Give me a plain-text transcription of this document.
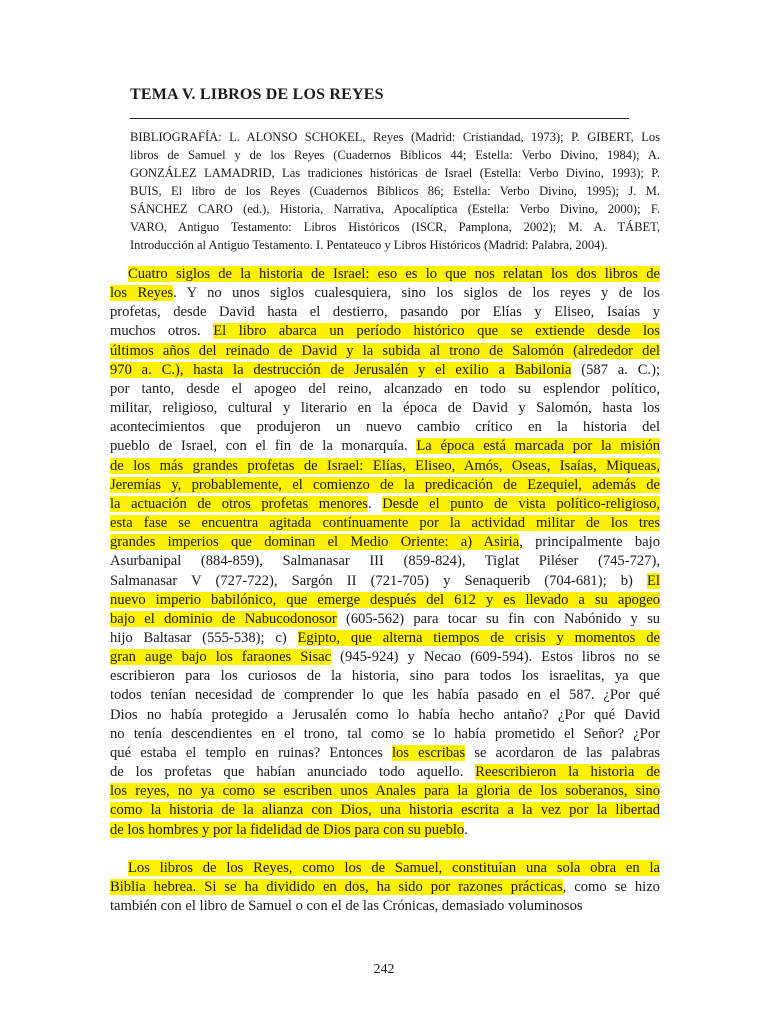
TEMA V. LIBROS DE LOS REYES
BIBLIOGRAFÍA: L. ALONSO SCHOKEL, Reyes (Madrid: Cristiandad, 1973); P. GIBERT, Los
libros de Samuel y de los Reyes (Cuadernos Bíblicos 44; Estella: Verbo Divino, 1984); A.
GONZÁLEZ LAMADRID, Las tradiciones históricas de Israel (Estella: Verbo Divino, 1993); P.
BUIS, El libro de los Reyes (Cuadernos Bíblicos 86; Estella: Verbo Divino, 1995); J. M.
SÁNCHEZ CARO (ed.), Historia, Narrativa, Apocalíptica (Estella: Verbo Divino, 2000); F.
VARO, Antiguo Testamento: Libros Históricos (ISCR, Pamplona, 2002); M. A. TÁBET,
Introducción al Antiguo Testamento. I. Pentateuco y Libros Históricos (Madrid: Palabra, 2004).
Cuatro siglos de la historia de Israel: eso es lo que nos relatan los dos libros de
los Reyes. Y no unos siglos cualesquiera, sino los siglos de los reyes y de los
profetas, desde David hasta el destierro, pasando por Elías y Eliseo, Isaías y
muchos otros. El libro abarca un período histórico que se extiende desde los
últimos años del reinado de David y la subida al trono de Salomón (alrededor del
970 a. C.), hasta la destrucción de Jerusalén y el exilio a Babilonia (587 a. C.);
por tanto, desde el apogeo del reino, alcanzado en todo su esplendor político,
militar, religioso, cultural y literario en la época de David y Salomón, hasta los
acontecimientos que produjeron un nuevo cambio crítico en la historia del
pueblo de Israel, con el fin de la monarquía. La época está marcada por la misión
de los más grandes profetas de Israel: Elías, Eliseo, Amós, Oseas, Isaías, Miqueas,
Jeremías y, probablemente, el comienzo de la predicación de Ezequiel, además de
la actuación de otros profetas menores. Desde el punto de vista político-religioso,
esta fase se encuentra agitada contínuamente por la actividad militar de los tres
grandes imperios que dominan el Medio Oriente: a) Asiria, principalmente bajo
Asurbanipal (884-859), Salmanasar III (859-824), Tiglat Piléser (745-727),
Salmanasar V (727-722), Sargón II (721-705) y Senaquerib (704-681); b) El
nuevo imperio babilónico, que emerge después del 612 y es llevado a su apogeo
bajo el dominio de Nabucodonosor (605-562) para tocar su fin con Nabónido y su
hijo Baltasar (555-538); c) Egipto, que alterna tiempos de crisis y momentos de
gran auge bajo los faraones Sisac (945-924) y Necao (609-594). Estos libros no se
escribieron para los curiosos de la historia, sino para todos los israelitas, ya que
todos tenían necesidad de comprender lo que les había pasado en el 587. ¿Por qué
Dios no había protegido a Jerusalén como lo había hecho antaño? ¿Por qué David
no tenía descendientes en el trono, tal como se lo había prometido el Señor? ¿Por
qué estaba el templo en ruinas? Entonces los escribas se acordaron de las palabras
de los profetas que habían anunciado todo aquello. Reescribieron la historia de
los reyes, no ya como se escriben unos Anales para la gloria de los soberanos, sino
como la historia de la alianza con Dios, una historia escrita a la vez por la libertad
de los hombres y por la fidelidad de Dios para con su pueblo.
Los libros de los Reyes, como los de Samuel, constituían una sola obra en la
Biblia hebrea. Si se ha dividido en dos, ha sido por razones prácticas, como se hizo
también con el libro de Samuel o con el de las Crónicas, demasiado voluminosos
242
